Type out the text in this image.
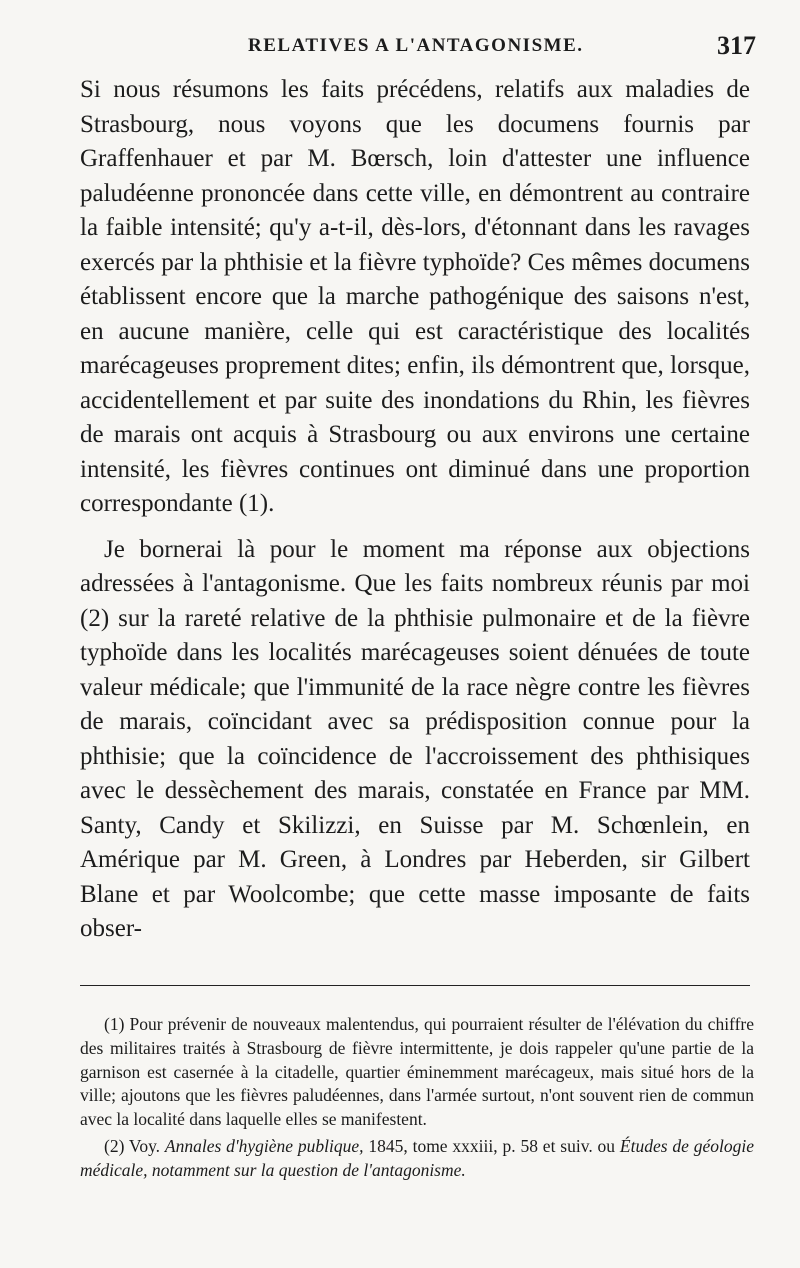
RELATIVES A L'ANTAGONISME.	317

Si nous résumons les faits précédens, relatifs aux maladies de Strasbourg, nous voyons que les documens fournis par Graffenhauer et par M. Bœrsch, loin d'attester une influence paludéenne prononcée dans cette ville, en démontrent au contraire la faible intensité; qu'y a-t-il, dès-lors, d'étonnant dans les ravages exercés par la phthisie et la fièvre typhoïde? Ces mêmes documens établissent encore que la marche pathogénique des saisons n'est, en aucune manière, celle qui est caractéristique des localités marécageuses proprement dites; enfin, ils démontrent que, lorsque, accidentellement et par suite des inondations du Rhin, les fièvres de marais ont acquis à Strasbourg ou aux environs une certaine intensité, les fièvres continues ont diminué dans une proportion correspondante (1).

Je bornerai là pour le moment ma réponse aux objections adressées à l'antagonisme. Que les faits nombreux réunis par moi (2) sur la rareté relative de la phthisie pulmonaire et de la fièvre typhoïde dans les localités marécageuses soient dénuées de toute valeur médicale; que l'immunité de la race nègre contre les fièvres de marais, coïncidant avec sa prédisposition connue pour la phthisie; que la coïncidence de l'accroissement des phthisiques avec le dessèchement des marais, constatée en France par MM. Santy, Candy et Skilizzi, en Suisse par M. Schœnlein, en Amérique par M. Green, à Londres par Heberden, sir Gilbert Blane et par Woolcombe; que cette masse imposante de faits obser-

(1) Pour prévenir de nouveaux malentendus, qui pourraient résulter de l'élévation du chiffre des militaires traités à Strasbourg de fièvre intermittente, je dois rappeler qu'une partie de la garnison est casernée à la citadelle, quartier éminemment marécageux, mais situé hors de la ville; ajoutons que les fièvres paludéennes, dans l'armée surtout, n'ont souvent rien de commun avec la localité dans laquelle elles se manifestent.

(2) Voy. Annales d'hygiène publique, 1845, tome xxxiii, p. 58 et suiv. ou Études de géologie médicale, notamment sur la question de l'antagonisme.
